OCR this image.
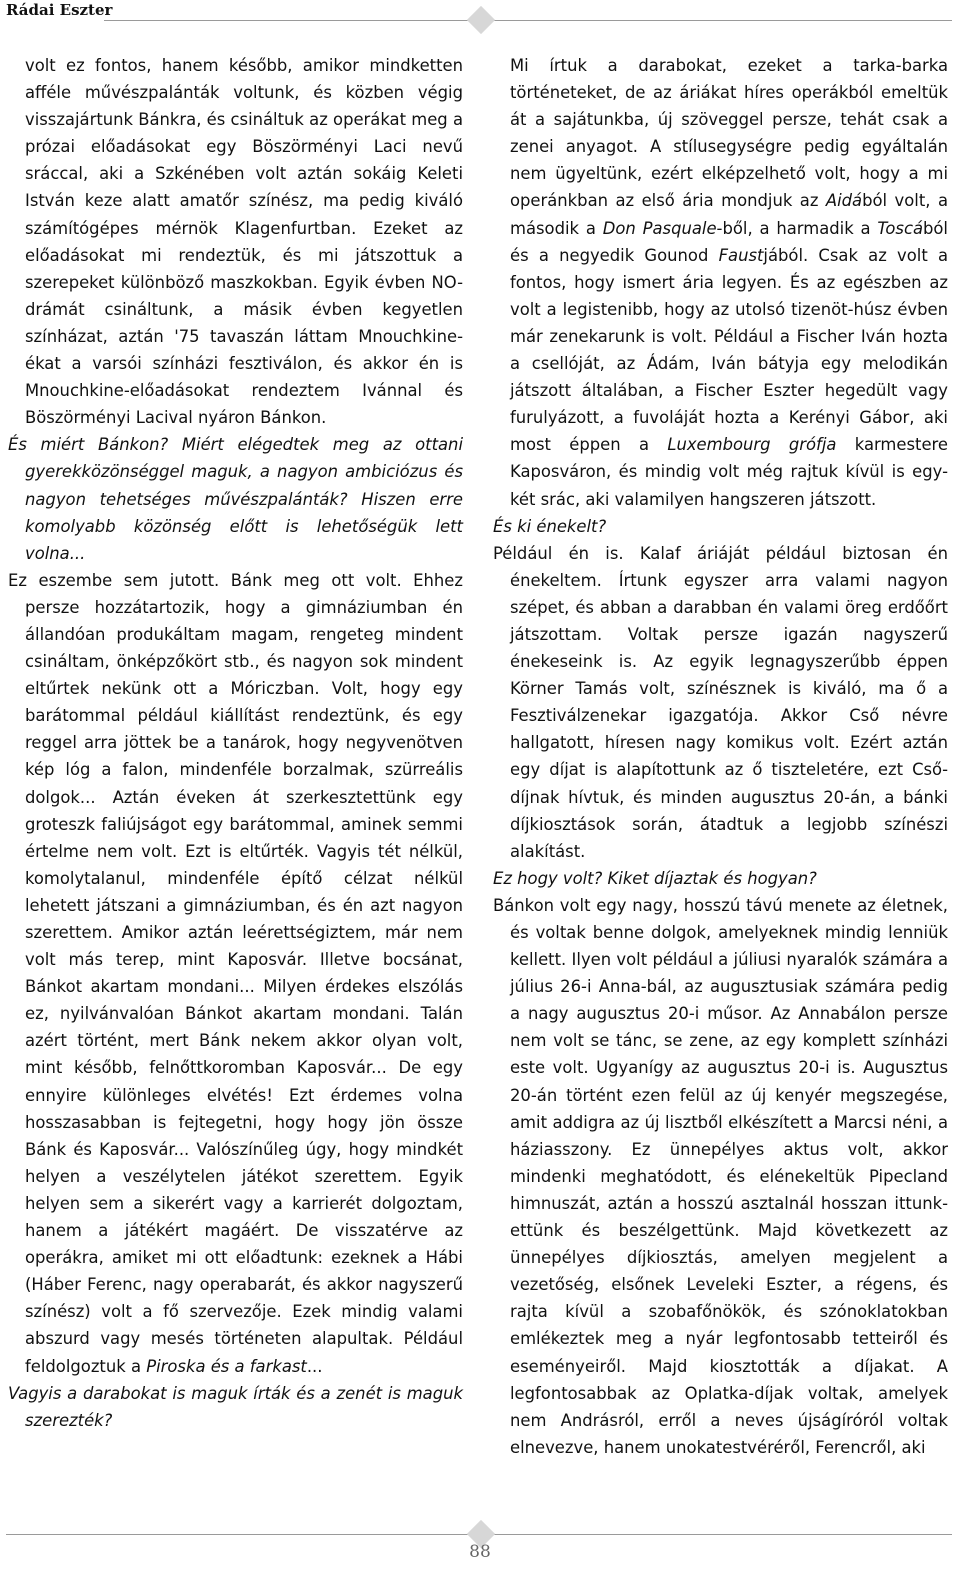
Rádai Eszter

volt ez fontos, hanem később, amikor mindketten afféle művészpalánták voltunk, és közben végig visszajártunk Bánkra, és csináltuk az operákat meg a prózai előadásokat egy Böszörményi Laci nevű sráccal, aki a Szkénében volt aztán sokáig Keleti István keze alatt amatőr színész, ma pedig kiváló számítógépes mérnök Klagenfurtban. Ezeket az előadásokat mi rendeztük, és mi játszottuk a szerepeket különböző maszkokban. Egyik évben NO-drámát csináltunk, a másik évben kegyetlen színházat, aztán '75 tavaszán láttam Mnouchkine-ékat a varsói színházi fesztiválon, és akkor én is Mnouchkine-előadásokat rendeztem Ivánnal és Böszörményi Lacival nyáron Bánkon.

És miért Bánkon? Miért elégedtek meg az ottani gyerekközönséggel maguk, a nagyon ambiciózus és nagyon tehetséges művészpalánták? Hiszen erre komolyabb közönség előtt is lehetőségük lett volna...

Ez eszembe sem jutott. Bánk meg ott volt. Ehhez persze hozzátartozik, hogy a gimnáziumban én állandóan produkáltam magam, rengeteg mindent csináltam, önképzőkört stb., és nagyon sok mindent eltűrtek nekünk ott a Móriczban. Volt, hogy egy barátommal például kiállítást rendeztünk, és egy reggel arra jöttek be a tanárok, hogy negyvenötven kép lóg a falon, mindenféle borzalmak, szürreális dolgok... Aztán éveken át szerkesztettünk egy groteszk faliújságot egy barátommal, aminek semmi értelme nem volt. Ezt is eltűrték. Vagyis tét nélkül, komolytalanul, mindenféle építő célzat nélkül lehetett játszani a gimnáziumban, és én azt nagyon szerettem. Amikor aztán leérettségiztem, már nem volt más terep, mint Kaposvár. Illetve bocsánat, Bánkot akartam mondani... Milyen érdekes elszólás ez, nyilvánvalóan Bánkot akartam mondani. Talán azért történt, mert Bánk nekem akkor olyan volt, mint később, felnőttkoromban Kaposvár... De egy ennyire különleges elvétés! Ezt érdemes volna hosszasabban is fejtegetni, hogy hogy jön össze Bánk és Kaposvár... Valószínűleg úgy, hogy mindkét helyen a veszélytelen játékot szerettem. Egyik helyen sem a sikerért vagy a karrierét dolgoztam, hanem a játékért magáért. De visszatérve az operákra, amiket mi ott előadtunk: ezeknek a Hábi (Háber Ferenc, nagy operabarát, és akkor nagyszerű színész) volt a fő szervezője. Ezek mindig valami abszurd vagy mesés történeten alapultak. Például feldolgoztuk a Piroska és a farkast...

Vagyis a darabokat is maguk írták és a zenét is maguk szerezték?

Mi írtuk a darabokat, ezeket a tarka-barka történeteket, de az áriákat híres operákból emeltük át a sajátunkba, új szöveggel persze, tehát csak a zenei anyagot. A stílusegységre pedig egyáltalán nem ügyeltünk, ezért elképzelhető volt, hogy a mi operánkban az első ária mondjuk az Aidából volt, a második a Don Pasquale-ből, a harmadik a Toscából és a negyedik Gounod Faustjából. Csak az volt a fontos, hogy ismert ária legyen. És az egészben az volt a legistenibb, hogy az utolsó tizenöt-húsz évben már zenekarunk is volt. Például a Fischer Iván hozta a csellóját, az Ádám, Iván bátyja egy melodikán játszott általában, a Fischer Eszter hegedült vagy furulyázott, a fuvoláját hozta a Kerényi Gábor, aki most éppen a Luxembourg grófja karmestere Kaposváron, és mindig volt még rajtuk kívül is egy-két srác, aki valamilyen hangszeren játszott.

És ki énekelt?

Például én is. Kalaf áriáját például biztosan én énekeltem. Írtunk egyszer arra valami nagyon szépet, és abban a darabban én valami öreg erdőőrt játszottam. Voltak persze igazán nagyszerű énekeseink is. Az egyik legnagyszerűbb éppen Körner Tamás volt, színésznek is kiváló, ma ő a Fesztiválzenekar igazgatója. Akkor Cső névre hallgatott, híresen nagy komikus volt. Ezért aztán egy díjat is alapítottunk az ő tiszteletére, ezt Cső-díjnak hívtuk, és minden augusztus 20-án, a bánki díjkiosztások során, átadtuk a legjobb színészi alakítást.

Ez hogy volt? Kiket díjaztak és hogyan?

Bánkon volt egy nagy, hosszú távú menete az életnek, és voltak benne dolgok, amelyeknek mindig lenniük kellett. Ilyen volt például a júliusi nyaralók számára a július 26-i Anna-bál, az augusztusiak számára pedig a nagy augusztus 20-i műsor. Az Annabálon persze nem volt se tánc, se zene, az egy komplett színházi este volt. Ugyanígy az augusztus 20-i is. Augusztus 20-án történt ezen felül az új kenyér megszegése, amit addigra az új lisztből elkészített a Marcsi néni, a háziasszony. Ez ünnepélyes aktus volt, akkor mindenki meghatódott, és elénekeltük Pipecland himnuszát, aztán a hosszú asztalnál hosszan ittunk-ettünk és beszélgettünk. Majd következett az ünnepélyes díjkiosztás, amelyen megjelent a vezetőség, elsőnek Leveleki Eszter, a régens, és rajta kívül a szobafőnökök, és szónoklatokban emlékeztek meg a nyár legfontosabb tetteiről és eseményeiről. Majd kiosztották a díjakat. A legfontosabbak az Oplatka-díjak voltak, amelyek nem Andrásról, erről a neves újságíróról voltak elnevezve, hanem unokatestvéréről, Ferencről, aki

88
